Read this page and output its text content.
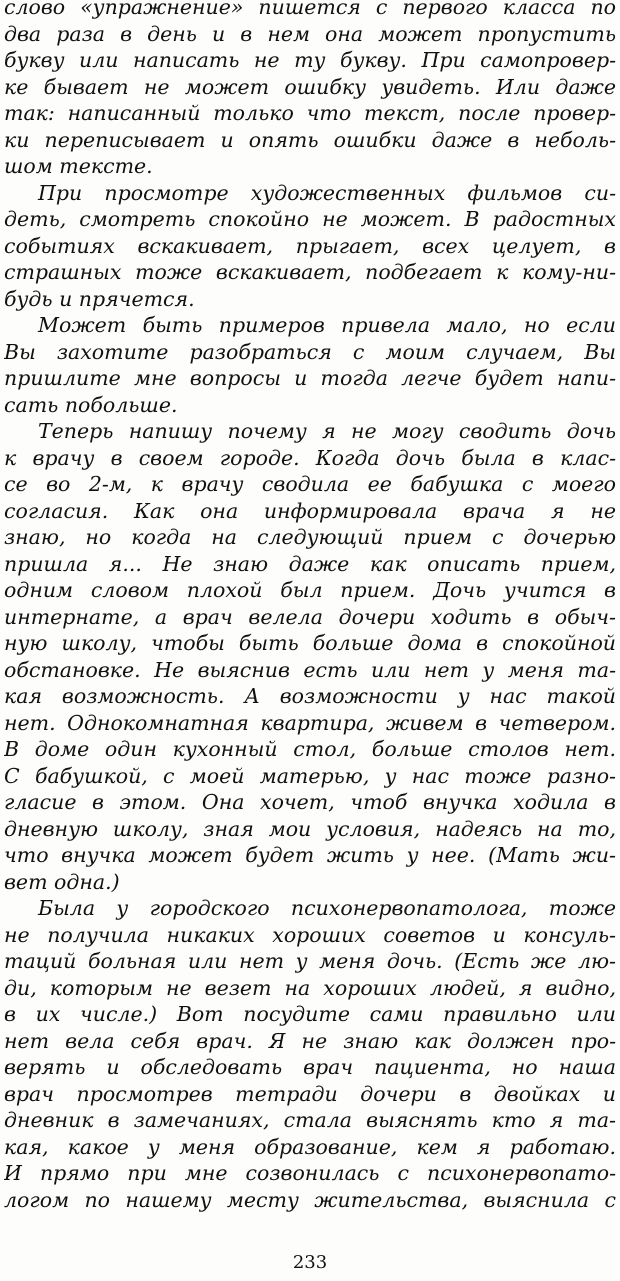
слово «упражнение» пишется с первого класса по
два раза в день и в нем она может пропустить
букву или написать не ту букву. При самопровер-
ке бывает не может ошибку увидеть. Или даже
так: написанный только что текст, после провер-
ки переписывает и опять ошибки даже в неболь-
шом тексте.
При просмотре художественных фильмов си-
деть, смотреть спокойно не может. В радостных
событиях вскакивает, прыгает, всех целует, в
страшных тоже вскакивает, подбегает к кому-ни-
будь и прячется.
Может быть примеров привела мало, но если
Вы захотите разобраться с моим случаем, Вы
пришлите мне вопросы и тогда легче будет напи-
сать побольше.
Теперь напишу почему я не могу сводить дочь
к врачу в своем городе. Когда дочь была в клас-
се во 2-м, к врачу сводила ее бабушка с моего
согласия. Как она информировала врача я не
знаю, но когда на следующий прием с дочерью
пришла я... Не знаю даже как описать прием,
одним словом плохой был прием. Дочь учится в
интернате, а врач велела дочери ходить в обыч-
ную школу, чтобы быть больше дома в спокойной
обстановке. Не выяснив есть или нет у меня та-
кая возможность. А возможности у нас такой
нет. Однокомнатная квартира, живем в четвером.
В доме один кухонный стол, больше столов нет.
С бабушкой, с моей матерью, у нас тоже разно-
гласие в этом. Она хочет, чтоб внучка ходила в
дневную школу, зная мои условия, надеясь на то,
что внучка может будет жить у нее. (Мать жи-
вет одна.)
Была у городского психонервопатолога, тоже
не получила никаких хороших советов и консуль-
таций больная или нет у меня дочь. (Есть же лю-
ди, которым не везет на хороших людей, я видно,
в их числе.) Вот посудите сами правильно или
нет вела себя врач. Я не знаю как должен про-
верять и обследовать врач пациента, но наша
врач просмотрев тетради дочери в двойках и
дневник в замечаниях, стала выяснять кто я та-
кая, какое у меня образование, кем я работаю.
И прямо при мне созвонилась с психонервопато-
логом по нашему месту жительства, выяснила с
233
